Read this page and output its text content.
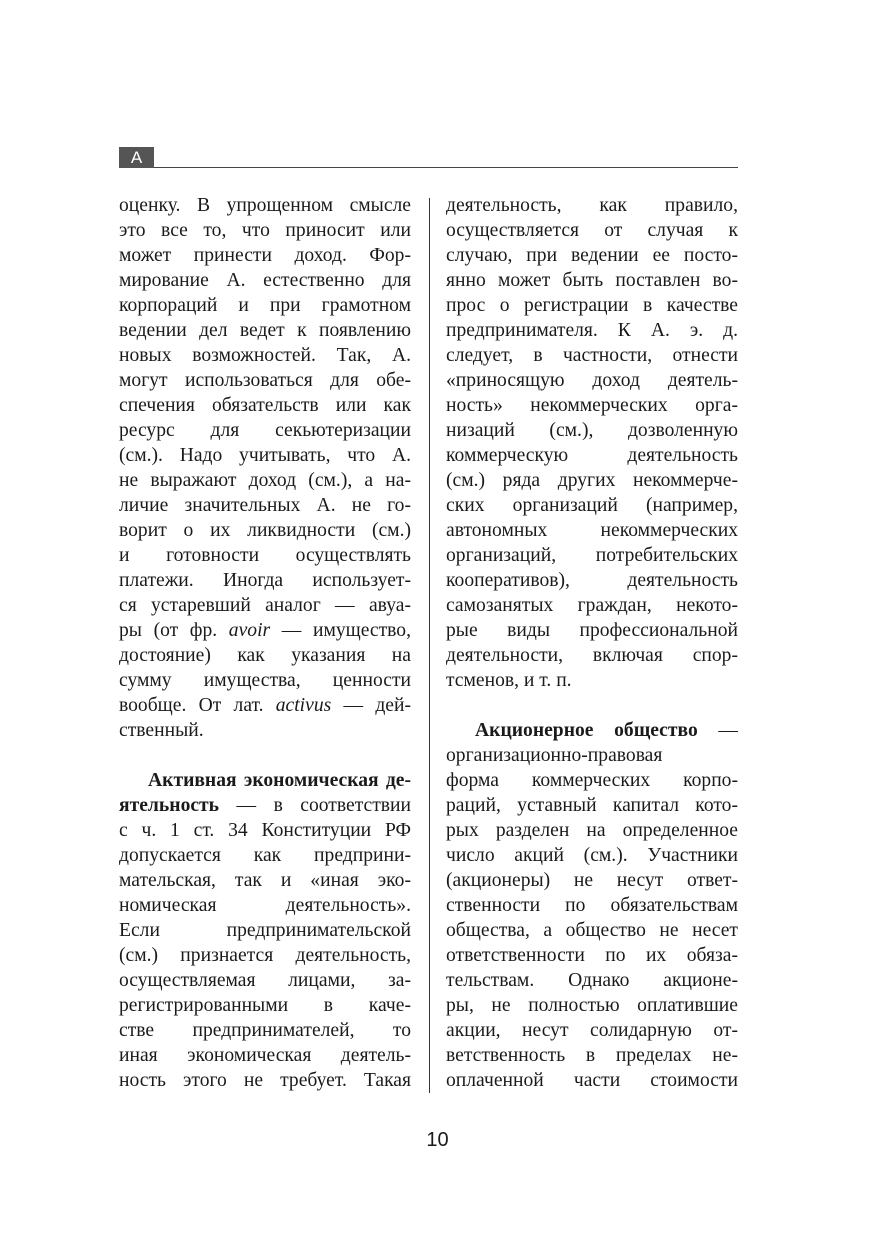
А
оценку. В упрощенном смысле
это все то, что приносит или
может принести доход. Фор-
мирование А. естественно для
корпораций и при грамотном
ведении дел ведет к появлению
новых возможностей. Так, А.
могут использоваться для обе-
спечения обязательств или как
ресурс для секьютеризации
(см.). Надо учитывать, что А.
не выражают доход (см.), а на-
личие значительных А. не го-
ворит о их ликвидности (см.)
и готовности осуществлять
платежи. Иногда использует-
ся устаревший аналог — авуа-
ры (от фр. avoir — имущество,
достояние) как указания на
сумму имущества, ценности
вообще. От лат. activus — дей-
ственный.
Активная экономическая де-
ятельность — в соответствии
с ч. 1 ст. 34 Конституции РФ
допускается как предприни-
мательская, так и «иная эко-
номическая деятельность».
Если предпринимательской
(см.) признается деятельность,
осуществляемая лицами, за-
регистрированными в каче-
стве предпринимателей, то
иная экономическая деятель-
ность этого не требует. Такая
деятельность, как правило,
осуществляется от случая к
случаю, при ведении ее посто-
янно может быть поставлен во-
прос о регистрации в качестве
предпринимателя. К А. э. д.
следует, в частности, отнести
«приносящую доход деятель-
ность» некоммерческих орга-
низаций (см.), дозволенную
коммерческую деятельность
(см.) ряда других некоммерче-
ских организаций (например,
автономных некоммерческих
организаций, потребительских
кооперативов), деятельность
самозанятых граждан, некото-
рые виды профессиональной
деятельности, включая спор-
тсменов, и т. п.
Акционерное общество —
организационно-правовая
форма коммерческих корпо-
раций, уставный капитал кото-
рых разделен на определенное
число акций (см.). Участники
(акционеры) не несут ответ-
ственности по обязательствам
общества, а общество не несет
ответственности по их обяза-
тельствам. Однако акционе-
ры, не полностью оплатившие
акции, несут солидарную от-
ветственность в пределах не-
оплаченной части стоимости
10
